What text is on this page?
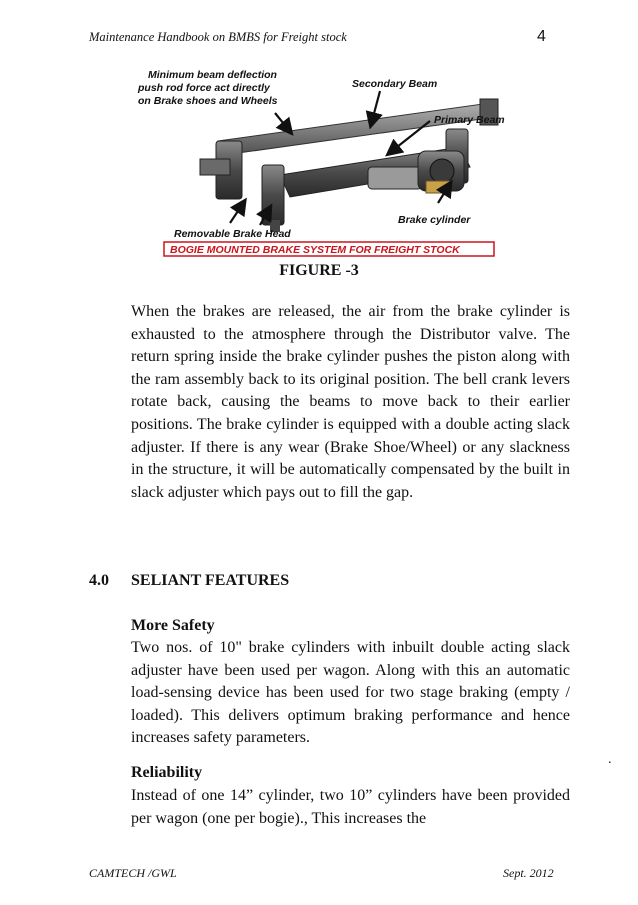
Maintenance Handbook on BMBS for Freight stock	4
Minimum beam deflection
push rod force act directly
on Brake shoes and Wheels
Secondary Beam
Primary Beam
Brake cylinder
Removable Brake Head
BOGIE MOUNTED BRAKE SYSTEM FOR FREIGHT STOCK
FIGURE -3
When the brakes are released, the air from the brake cylinder is exhausted to the atmosphere through the Distributor valve. The return spring inside the brake cylinder pushes the piston along with the ram assembly back to its original position. The bell crank levers rotate back, causing the beams to move back to their earlier positions. The brake cylinder is equipped with a double acting slack adjuster. If there is any wear (Brake Shoe/Wheel) or any slackness in the structure, it will be automatically compensated by the built in slack adjuster which pays out to fill the gap.
4.0 SELIANT FEATURES
More Safety
Two nos. of 10" brake cylinders with inbuilt double acting slack adjuster have been used per wagon. Along with this an automatic load-sensing device has been used for two stage braking (empty / loaded). This delivers optimum braking performance and hence increases safety parameters.
.
Reliability
Instead of one 14” cylinder, two 10” cylinders have been provided per wagon (one per bogie)., This increases the
CAMTECH /GWL	Sept. 2012
